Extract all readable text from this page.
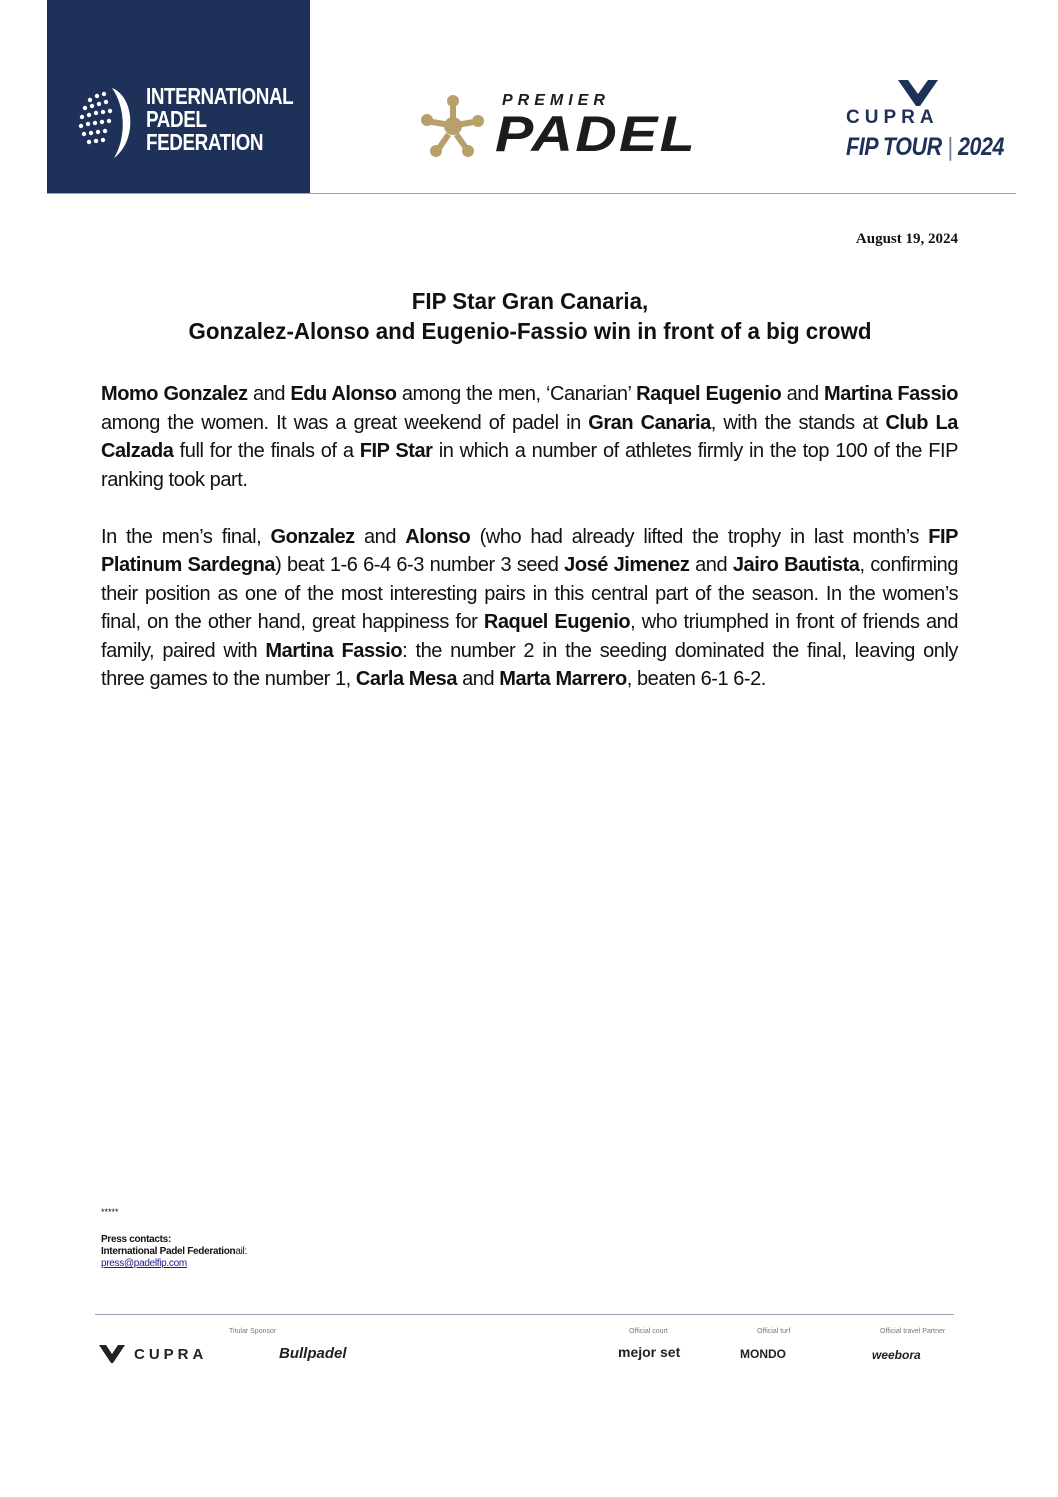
INTERNATIONAL
PADEL
FEDERATION
PREMIER
PADEL	CUPRA
FIP TOUR | 2024
August 19, 2024
FIP Star Gran Canaria,
Gonzalez-Alonso and Eugenio-Fassio win in front of a big crowd

Momo Gonzalez and Edu Alonso among the men, ‘Canarian’ Raquel Eugenio and Martina Fassio among the women. It was a great weekend of padel in Gran Canaria, with the stands at Club La Calzada full for the finals of a FIP Star in which a number of athletes firmly in the top 100 of the FIP ranking took part.

In the men’s final, Gonzalez and Alonso (who had already lifted the trophy in last month’s FIP Platinum Sardegna) beat 1-6 6-4 6-3 number 3 seed José Jimenez and Jairo Bautista, confirming their position as one of the most interesting pairs in this central part of the season. In the women’s final, on the other hand, great happiness for Raquel Eugenio, who triumphed in front of friends and family, paired with Martina Fassio: the number 2 in the seeding dominated the final, leaving only three games to the number 1, Carla Mesa and Marta Marrero, beaten 6-1 6-2.

*****
Press contacts:
International Padel Federationail:
press@padelfip.com
Titular Sponsor	Official court	Official turf	Official travel Partner
CUPRA	Bullpadel	mejor set	MONDO	weebora
